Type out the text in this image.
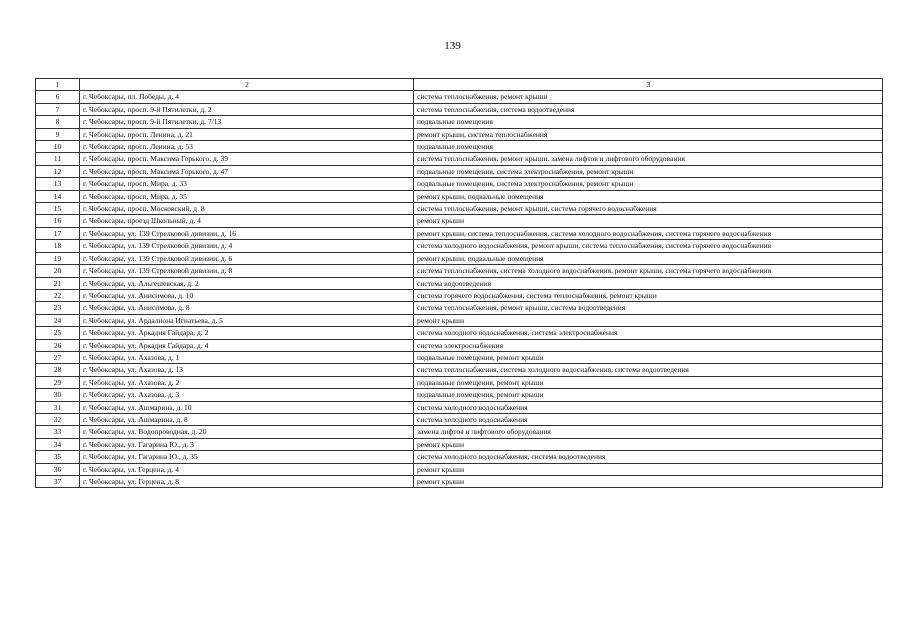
139
1	2	3
6	г. Чебоксары, пл. Победы, д. 4	система теплоснабжения, ремонт крыши
7	г. Чебоксары, просп. 9-й Пятилетки, д. 2	система теплоснабжения, система водоотведения
8	г. Чебоксары, просп. 9-й Пятилетки, д. 7/13	подвальные помещения
9	г. Чебоксары, просп. Ленина, д. 21	ремонт крыши, система теплоснабжения
10	г. Чебоксары, просп. Ленина, д. 53	подвальные помещения
11	г. Чебоксары, просп. Максима Горького, д. 39	система теплоснабжения, ремонт крыши, замена лифтов и лифтового оборудования
12	г. Чебоксары, просп. Максима Горького, д. 47	подвальные помещения, система электроснабжения, ремонт крыши
13	г. Чебоксары, просп. Мира, д. 33	подвальные помещения, система электроснабжения, ремонт крыши
14	г. Чебоксары, просп. Мира, д. 35	ремонт крыши, подвальные помещения
15	г. Чебоксары, просп. Московский, д. 8	система теплоснабжения, ремонт крыши, система горячего водоснабжения
16	г. Чебоксары, проезд Школьный, д. 4	ремонт крыши
17	г. Чебоксары, ул. 139 Стрелковой дивизии, д. 16	ремонт крыши, система теплоснабжения, система холодного водоснабжения, система горячего водоснабжения
18	г. Чебоксары, ул. 139 Стрелковой дивизии, д. 4	система холодного водоснабжения, ремонт крыши, система теплоснабжения, система горячего водоснабжения
19	г. Чебоксары, ул. 139 Стрелковой дивизии, д. 6	ремонт крыши, подвальные помещения
20	г. Чебоксары, ул. 139 Стрелковой дивизии, д. 8	система теплоснабжения, система холодного водоснабжения, ремонт крыши, система горячего водоснабжения
21	г. Чебоксары, ул. Альгешевская, д. 2	система водоотведения
22	г. Чебоксары, ул. Анисимова, д. 10	система горячего водоснабжения, система теплоснабжения, ремонт крыши
23	г. Чебоксары, ул. Анисимова, д. 8	система теплоснабжения, ремонт крыши, система водоотведения
24	г. Чебоксары, ул. Ардалиона Игнатьева, д. 5	ремонт крыши
25	г. Чебоксары, ул. Аркадия Гайдара, д. 2	система холодного водоснабжения, система электроснабжения
26	г. Чебоксары, ул. Аркадия Гайдара, д. 4	система электроснабжения
27	г. Чебоксары, ул. Ахазова, д. 1	подвальные помещения, ремонт крыши
28	г. Чебоксары, ул. Ахазова, д. 13	система теплоснабжения, система холодного водоснабжения, система водоотведения
29	г. Чебоксары, ул. Ахазова, д. 2	подвальные помещения, ремонт крыши
30	г. Чебоксары, ул. Ахазова, д. 3	подвальные помещения, ремонт крыши
31	г. Чебоксары, ул. Ашмарина, д. 10	система холодного водоснабжения
32	г. Чебоксары, ул. Ашмарина, д. 8	система холодного водоснабжения
33	г. Чебоксары, ул. Водопроводная, д. 20	замена лифтов и лифтового оборудования
34	г. Чебоксары, ул. Гагарина Ю., д. 3	ремонт крыши
35	г. Чебоксары, ул. Гагарина Ю., д. 35	система холодного водоснабжения, система водоотведения
36	г. Чебоксары, ул. Герцена, д. 4	ремонт крыши
37	г. Чебоксары, ул. Герцена, д. 8	ремонт крыши
